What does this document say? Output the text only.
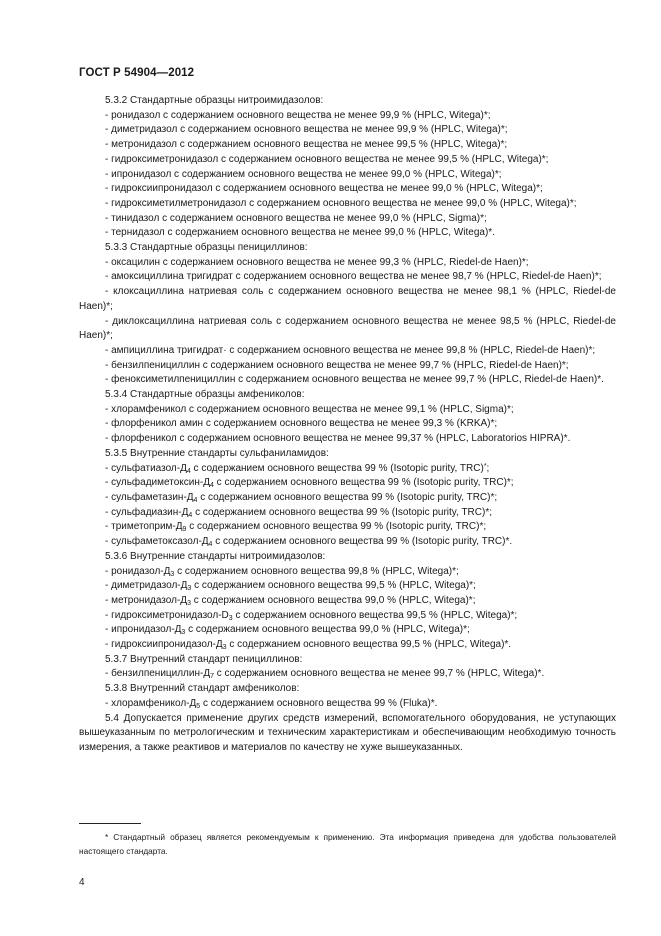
ГОСТ Р 54904—2012

5.3.2 Стандартные образцы нитроимидазолов:

- ронидазол с содержанием основного вещества не менее 99,9 % (HPLC, Witega)*;

- диметридазол с содержанием основного вещества не менее 99,9 % (HPLC, Witega)*;

- метронидазол с содержанием основного вещества не менее 99,5 % (HPLC, Witega)*;

- гидроксиметронидазол с содержанием основного вещества не менее 99,5 % (HPLC, Witega)*;

- ипронидазол с содержанием основного вещества не менее 99,0 % (HPLC, Witega)*;

- гидроксиипронидазол с содержанием основного вещества не менее 99,0 % (HPLC, Witega)*;

- гидроксиметилметронидазол с содержанием основного вещества не менее 99,0 % (HPLC, Witega)*;

- тинидазол с содержанием основного вещества не менее 99,0 % (HPLC, Sigma)*;

- тернидазол с содержанием основного вещества не менее 99,0 % (HPLC, Witega)*.

5.3.3 Стандартные образцы пенициллинов:

- оксацилин с содержанием основного вещества не менее 99,3 % (HPLC, Riedel-de Haen)*;

- амоксициллина тригидрат с содержанием основного вещества не менее 98,7 % (HPLC, Riedel-de Haen)*;

- клоксациллина натриевая соль с содержанием основного вещества не менее 98,1 % (HPLC, Riedel-de Haen)*;

- диклоксациллина натриевая соль с содержанием основного вещества не менее 98,5 % (HPLC, Riedel-de Haen)*;

- ампициллина тригидрат· с содержанием основного вещества не менее 99,8 % (HPLC, Riedel-de Haen)*;

- бензилпенициллин с содержанием основного вещества не менее 99,7 % (HPLC, Riedel-de Haen)*;

- феноксиметилпенициллин с содержанием основного вещества не менее 99,7 % (HPLC, Riedel-de Haen)*.

5.3.4 Стандартные образцы амфениколов:

- хлорамфеникол с содержанием основного вещества не менее 99,1 % (HPLC, Sigma)*;

- флорфеникол амин с содержанием основного вещества не менее 99,3 % (KRKA)*;

- флорфеникол с содержанием основного вещества не менее 99,37 % (HPLC, Laboratorios HIPRA)*.

5.3.5 Внутренние стандарты сульфаниламидов:

- сульфатиазол-$Д_4$ с содержанием основного вещества 99 % (Isotopic purity, TRC)*;

- сульфадиметоксин-$Д_4$ с содержанием основного вещества 99 % (Isotopic purity, TRC)*;

- сульфаметазин-$Д_4$ с содержанием основного вещества 99 % (Isotopic purity, TRC)*;

- сульфадиазин-$Д_4$ с содержанием основного вещества 99 % (Isotopic purity, TRC)*;

- триметоприм-$Д_9$ с содержанием основного вещества 99 % (Isotopic purity, TRC)*;

- сульфаметоксазол-$Д_4$ с содержанием основного вещества 99 % (Isotopic purity, TRC)*.

5.3.6 Внутренние стандарты нитроимидазолов:

- ронидазол-$Д_3$ с содержанием основного вещества 99,8 % (HPLC, Witega)*;

- диметридазол-$Д_3$ с содержанием основного вещества 99,5 % (HPLC, Witega)*;

- метронидазол-$Д_3$ с содержанием основного вещества 99,0 % (HPLC, Witega)*;

- гидроксиметронидазол-$D_3$ с содержанием основного вещества 99,5 % (HPLC, Witega)*;

- ипронидазол-$Д_3$ с содержанием основного вещества 99,0 % (HPLC, Witega)*;

- гидроксиипронидазол-$Д_3$ с содержанием основного вещества 99,5 % (HPLC, Witega)*.

5.3.7 Внутренний стандарт пенициллинов:

- бензилпенициллин-$Д_7$ с содержанием основного вещества не менее 99,7 % (HPLC, Witega)*.

5.3.8 Внутренний стандарт амфениколов:

- хлорамфеникол-$Д_5$ с содержанием основного вещества 99 % (Fluka)*.

5.4 Допускается применение других средств измерений, вспомогательного оборудования, не уступающих вышеуказанным по метрологическим и техническим характеристикам и обеспечивающим необходимую точность измерения, а также реактивов и материалов по качеству не хуже вышеуказанных.

* Стандартный образец является рекомендуемым к применению. Эта информация приведена для удобства пользователей настоящего стандарта.

4
